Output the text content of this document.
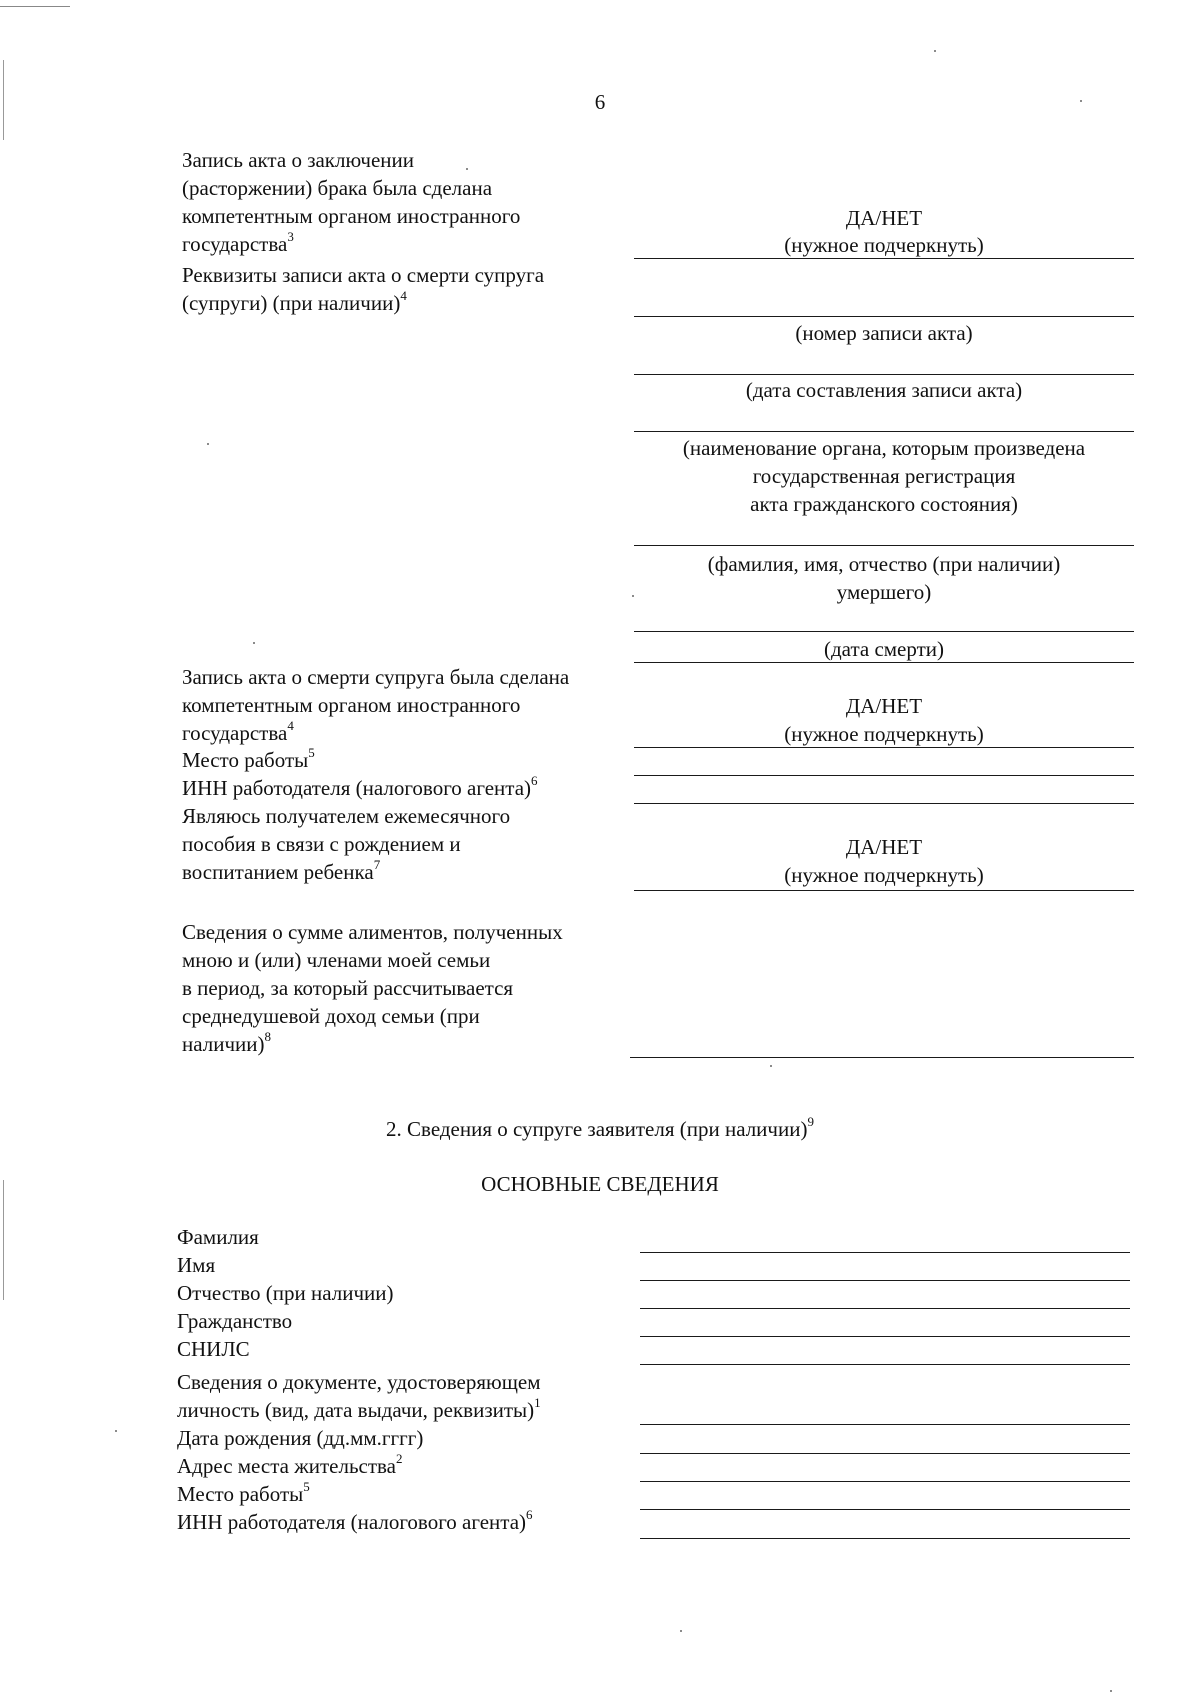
6
Запись акта о заключении
(расторжении) брака была сделана
компетентным органом иностранного
государства$^3$
ДА/НЕТ
(нужное подчеркнуть)
Реквизиты записи акта о смерти супруга
(супруги) (при наличии)$^4$
(номер записи акта)
(дата составления записи акта)
(наименование органа, которым произведена
государственная регистрация
акта гражданского состояния)
(фамилия, имя, отчество (при наличии)
умершего)
(дата смерти)
Запись акта о смерти супруга была сделана
компетентным органом иностранного
государства$^4$
ДА/НЕТ
(нужное подчеркнуть)
Место работы$^5$
ИНН работодателя (налогового агента)$^6$
Являюсь получателем ежемесячного
пособия в связи с рождением и
воспитанием ребенка$^7$
ДА/НЕТ
(нужное подчеркнуть)
Сведения о сумме алиментов, полученных
мною и (или) членами моей семьи
в период, за который рассчитывается
среднедушевой доход семьи (при
наличии)$^8$
2. Сведения о супруге заявителя (при наличии)$^9$
ОСНОВНЫЕ СВЕДЕНИЯ
Фамилия
Имя
Отчество (при наличии)
Гражданство
СНИЛС
Сведения о документе, удостоверяющем
личность (вид, дата выдачи, реквизиты)$^1$
Дата рождения (дд.мм.гггг)
Адрес места жительства$^2$
Место работы$^5$
ИНН работодателя (налогового агента)$^6$
